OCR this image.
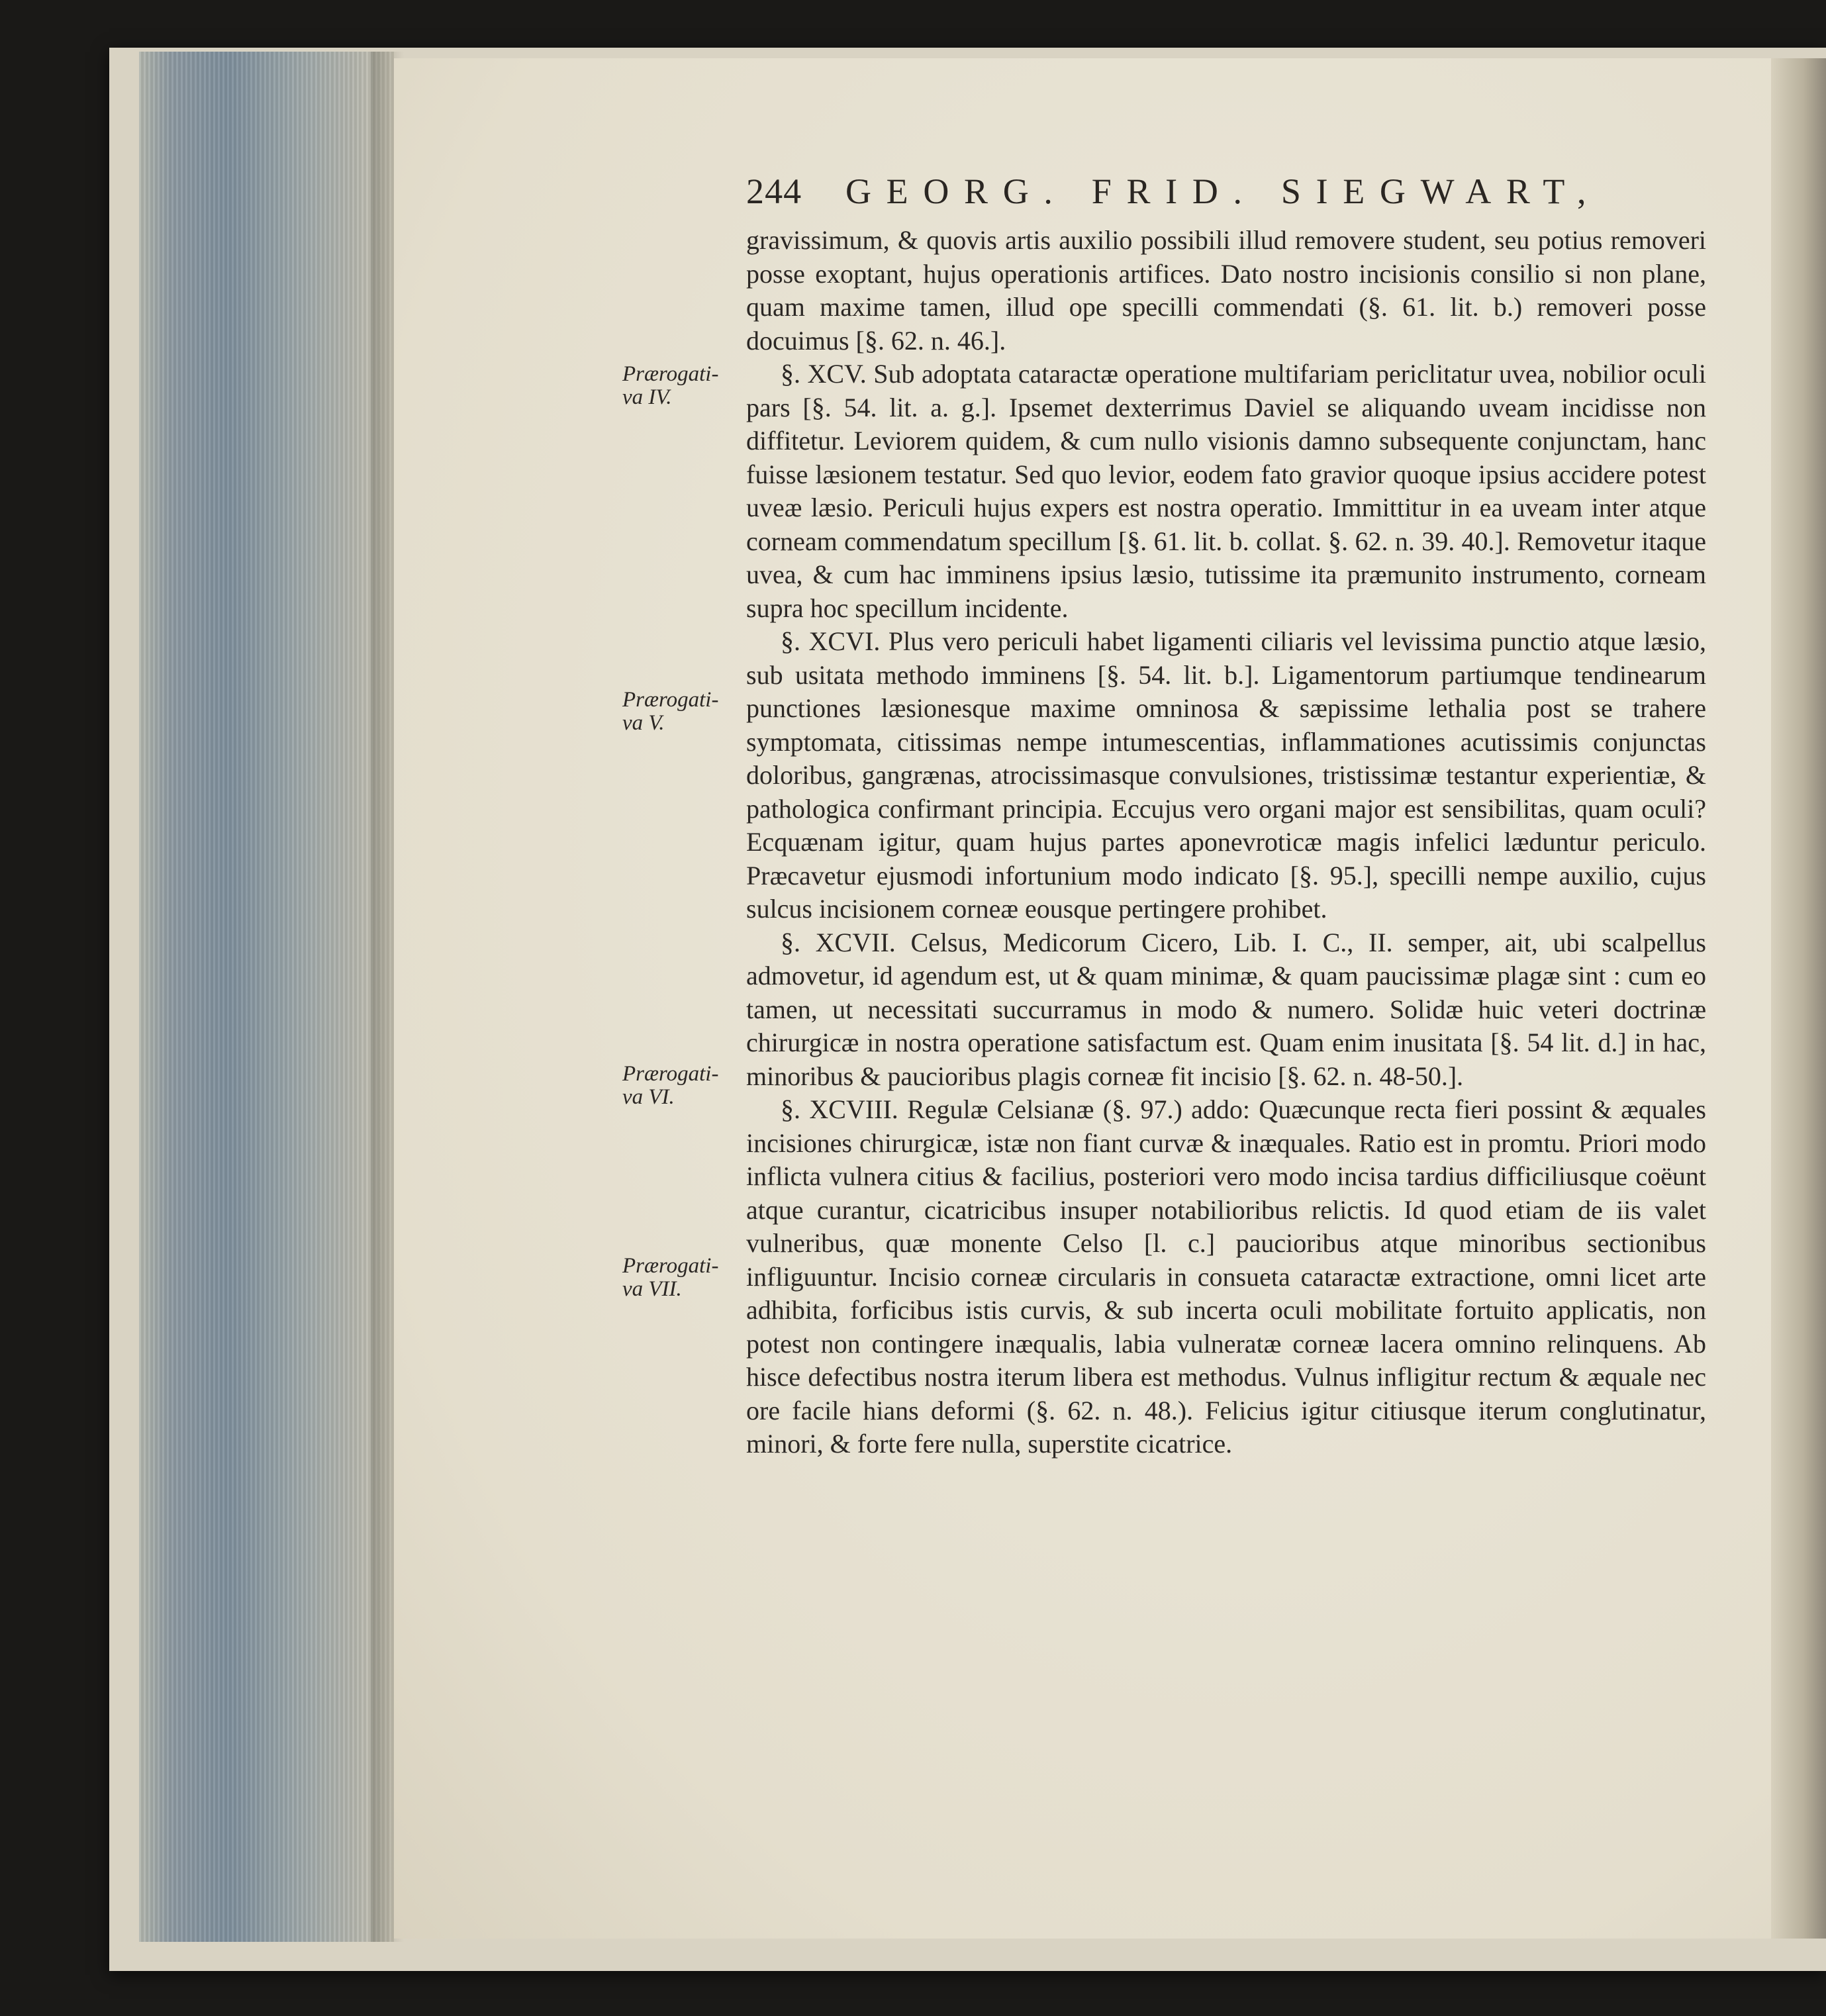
244	GEORG. FRID. SIEGWART,
Prærogati-
va IV.
Prærogati-
va V.
Prærogati-
va VI.
Prærogati-
va VII.

gravissimum, & quovis artis auxilio possibili illud removere student, seu potius removeri posse exoptant, hujus operationis artifices. Dato nostro incisionis consilio si non plane, quam maxime tamen, illud ope specilli commendati (§. 61. lit. b.) removeri posse docuimus [§. 62. n. 46.].

§. XCV. Sub adoptata cataractæ operatione multifariam periclitatur uvea, nobilior oculi pars [§. 54. lit. a. g.]. Ipsemet dexterrimus Daviel se aliquando uveam incidisse non diffitetur. Leviorem quidem, & cum nullo visionis damno subsequente conjunctam, hanc fuisse læsionem testatur. Sed quo levior, eodem fato gravior quoque ipsius accidere potest uveæ læsio. Periculi hujus expers est nostra operatio. Immittitur in ea uveam inter atque corneam commendatum specillum [§. 61. lit. b. collat. §. 62. n. 39. 40.]. Removetur itaque uvea, & cum hac imminens ipsius læsio, tutissime ita præmunito instrumento, corneam supra hoc specillum incidente.

§. XCVI. Plus vero periculi habet ligamenti ciliaris vel levissima punctio atque læsio, sub usitata methodo imminens [§. 54. lit. b.]. Ligamentorum partiumque tendinearum punctiones læsionesque maxime omninosa & sæpissime lethalia post se trahere symptomata, citissimas nempe intumescentias, inflammationes acutissimis conjunctas doloribus, gangrænas, atrocissimasque convulsiones, tristissimæ testantur experientiæ, & pathologica confirmant principia. Eccujus vero organi major est sensibilitas, quam oculi? Ecquænam igitur, quam hujus partes aponevroticæ magis infelici læduntur periculo. Præcavetur ejusmodi infortunium modo indicato [§. 95.], specilli nempe auxilio, cujus sulcus incisionem corneæ eousque pertingere prohibet.

§. XCVII. Celsus, Medicorum Cicero, Lib. I. C., II. semper, ait, ubi scalpellus admovetur, id agendum est, ut & quam minimæ, & quam paucissimæ plagæ sint : cum eo tamen, ut necessitati succurramus in modo & numero. Solidæ huic veteri doctrinæ chirurgicæ in nostra operatione satisfactum est. Quam enim inusitata [§. 54 lit. d.] in hac, minoribus & paucioribus plagis corneæ fit incisio [§. 62. n. 48-50.].

§. XCVIII. Regulæ Celsianæ (§. 97.) addo: Quæcunque recta fieri possint & æquales incisiones chirurgicæ, istæ non fiant curvæ & inæquales. Ratio est in promtu. Priori modo inflicta vulnera citius & facilius, posteriori vero modo incisa tardius difficiliusque coëunt atque curantur, cicatricibus insuper notabilioribus relictis. Id quod etiam de iis valet vulneribus, quæ monente Celso [l. c.] paucioribus atque minoribus sectionibus infliguuntur. Incisio corneæ circularis in consueta cataractæ extractione, omni licet arte adhibita, forficibus istis curvis, & sub incerta oculi mobilitate fortuito applicatis, non potest non contingere inæqualis, labia vulneratæ corneæ lacera omnino relinquens. Ab hisce defectibus nostra iterum libera est methodus. Vulnus infligitur rectum & æquale nec ore facile hians deformi (§. 62. n. 48.). Felicius igitur citiusque iterum conglutinatur, minori, & forte fere nulla, superstite cicatrice.
